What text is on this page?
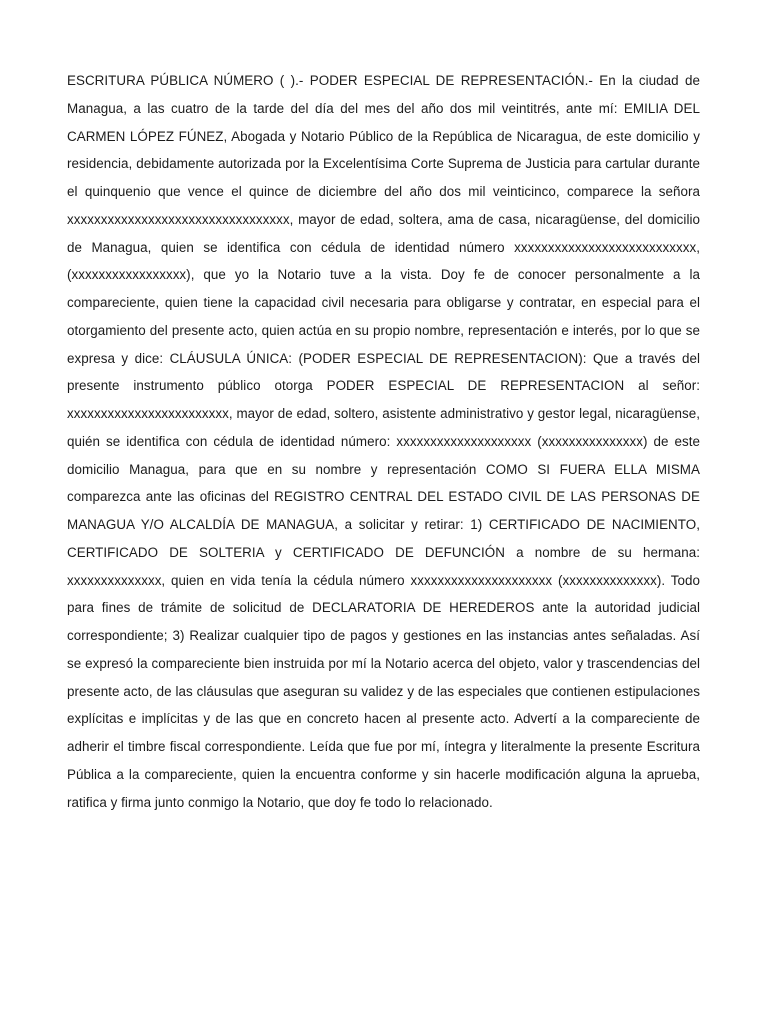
ESCRITURA PÚBLICA NÚMERO ( ).- PODER ESPECIAL DE REPRESENTACIÓN.- En la ciudad de Managua, a las cuatro de la tarde del día del mes del año dos mil veintitrés, ante mí: EMILIA DEL CARMEN LÓPEZ FÚNEZ, Abogada y Notario Público de la República de Nicaragua, de este domicilio y residencia, debidamente autorizada por la Excelentísima Corte Suprema de Justicia para cartular durante el quinquenio que vence el quince de diciembre del año dos mil veinticinco, comparece la señora xxxxxxxxxxxxxxxxxxxxxxxxxxxxxxxxx, mayor de edad, soltera, ama de casa, nicaragüense, del domicilio de Managua, quien se identifica con cédula de identidad número xxxxxxxxxxxxxxxxxxxxxxxxxxx, (xxxxxxxxxxxxxxxxx), que yo la Notario tuve a la vista. Doy fe de conocer personalmente a la compareciente, quien tiene la capacidad civil necesaria para obligarse y contratar, en especial para el otorgamiento del presente acto, quien actúa en su propio nombre, representación e interés, por lo que se expresa y dice: CLÁUSULA ÚNICA: (PODER ESPECIAL DE REPRESENTACION): Que a través del presente instrumento público otorga PODER ESPECIAL DE REPRESENTACION al señor: xxxxxxxxxxxxxxxxxxxxxxxx, mayor de edad, soltero, asistente administrativo y gestor legal, nicaragüense, quién se identifica con cédula de identidad número: xxxxxxxxxxxxxxxxxxxx (xxxxxxxxxxxxxxx) de este domicilio Managua, para que en su nombre y representación COMO SI FUERA ELLA MISMA comparezca ante las oficinas del REGISTRO CENTRAL DEL ESTADO CIVIL DE LAS PERSONAS DE MANAGUA Y/O ALCALDÍA DE MANAGUA, a solicitar y retirar: 1) CERTIFICADO DE NACIMIENTO, CERTIFICADO DE SOLTERIA y CERTIFICADO DE DEFUNCIÓN a nombre de su hermana: xxxxxxxxxxxxxx, quien en vida tenía la cédula número xxxxxxxxxxxxxxxxxxxxx (xxxxxxxxxxxxxx). Todo para fines de trámite de solicitud de DECLARATORIA DE HEREDEROS ante la autoridad judicial correspondiente; 3) Realizar cualquier tipo de pagos y gestiones en las instancias antes señaladas. Así se expresó la compareciente bien instruida por mí la Notario acerca del objeto, valor y trascendencias del presente acto, de las cláusulas que aseguran su validez y de las especiales que contienen estipulaciones explícitas e implícitas y de las que en concreto hacen al presente acto. Advertí a la compareciente de adherir el timbre fiscal correspondiente. Leída que fue por mí, íntegra y literalmente la presente Escritura Pública a la compareciente, quien la encuentra conforme y sin hacerle modificación alguna la aprueba, ratifica y firma junto conmigo la Notario, que doy fe todo lo relacionado.
